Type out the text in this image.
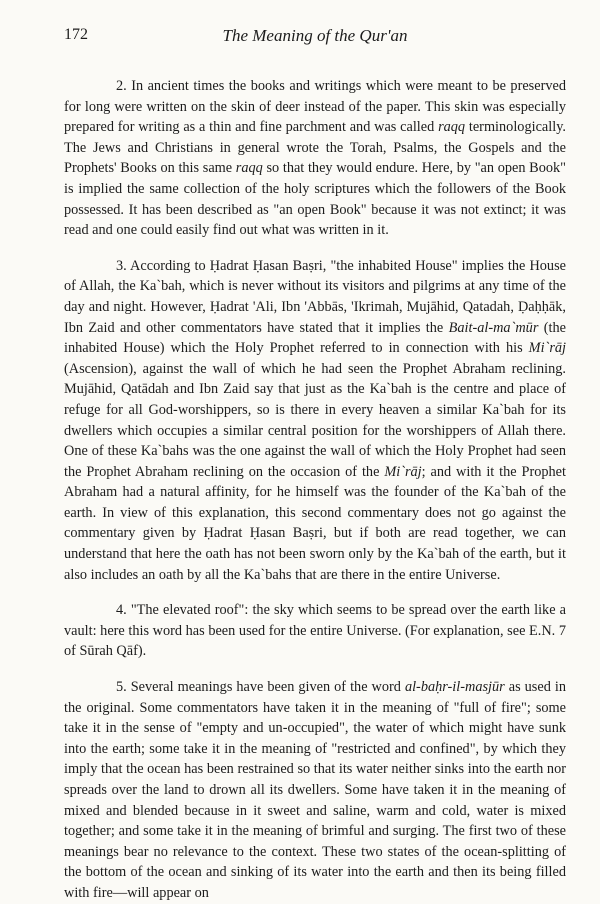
172	The Meaning of the Qur'an

2. In ancient times the books and writings which were meant to be preserved for long were written on the skin of deer instead of the paper. This skin was especially prepared for writing as a thin and fine parchment and was called raqq terminologically. The Jews and Christians in general wrote the Torah, Psalms, the Gospels and the Prophets' Books on this same raqq so that they would endure. Here, by "an open Book" is implied the same collection of the holy scriptures which the followers of the Book possessed. It has been described as "an open Book" because it was not extinct; it was read and one could easily find out what was written in it.

3. According to Ḥadrat Ḥasan Baṣri, "the inhabited House" implies the House of Allah, the Ka`bah, which is never without its visitors and pilgrims at any time of the day and night. However, Ḥadrat 'Ali, Ibn 'Abbās, 'Ikrimah, Mujāhid, Qatadah, Ḍaḥḥāk, Ibn Zaid and other commentators have stated that it implies the Bait-al-ma`mūr (the inhabited House) which the Holy Prophet referred to in connection with his Mi`rāj (Ascension), against the wall of which he had seen the Prophet Abraham reclining. Mujāhid, Qatādah and Ibn Zaid say that just as the Ka`bah is the centre and place of refuge for all God-worshippers, so is there in every heaven a similar Ka`bah for its dwellers which occupies a similar central position for the worshippers of Allah there. One of these Ka`bahs was the one against the wall of which the Holy Prophet had seen the Prophet Abraham reclining on the occasion of the Mi`rāj; and with it the Prophet Abraham had a natural affinity, for he himself was the founder of the Ka`bah of the earth. In view of this explanation, this second commentary does not go against the commentary given by Ḥadrat Ḥasan Baṣri, but if both are read together, we can understand that here the oath has not been sworn only by the Ka`bah of the earth, but it also includes an oath by all the Ka`bahs that are there in the entire Universe.

4. "The elevated roof": the sky which seems to be spread over the earth like a vault: here this word has been used for the entire Universe. (For explanation, see E.N. 7 of Sūrah Qāf).

5. Several meanings have been given of the word al-baḥr-il-masjūr as used in the original. Some commentators have taken it in the meaning of "full of fire"; some take it in the sense of "empty and un-occupied", the water of which might have sunk into the earth; some take it in the meaning of "restricted and confined", by which they imply that the ocean has been restrained so that its water neither sinks into the earth nor spreads over the land to drown all its dwellers. Some have taken it in the meaning of mixed and blended because in it sweet and saline, warm and cold, water is mixed together; and some take it in the meaning of brimful and surging. The first two of these meanings bear no relevance to the context. These two states of the ocean-splitting of the bottom of the ocean and sinking of its water into the earth and then its being filled with fire—will appear on
